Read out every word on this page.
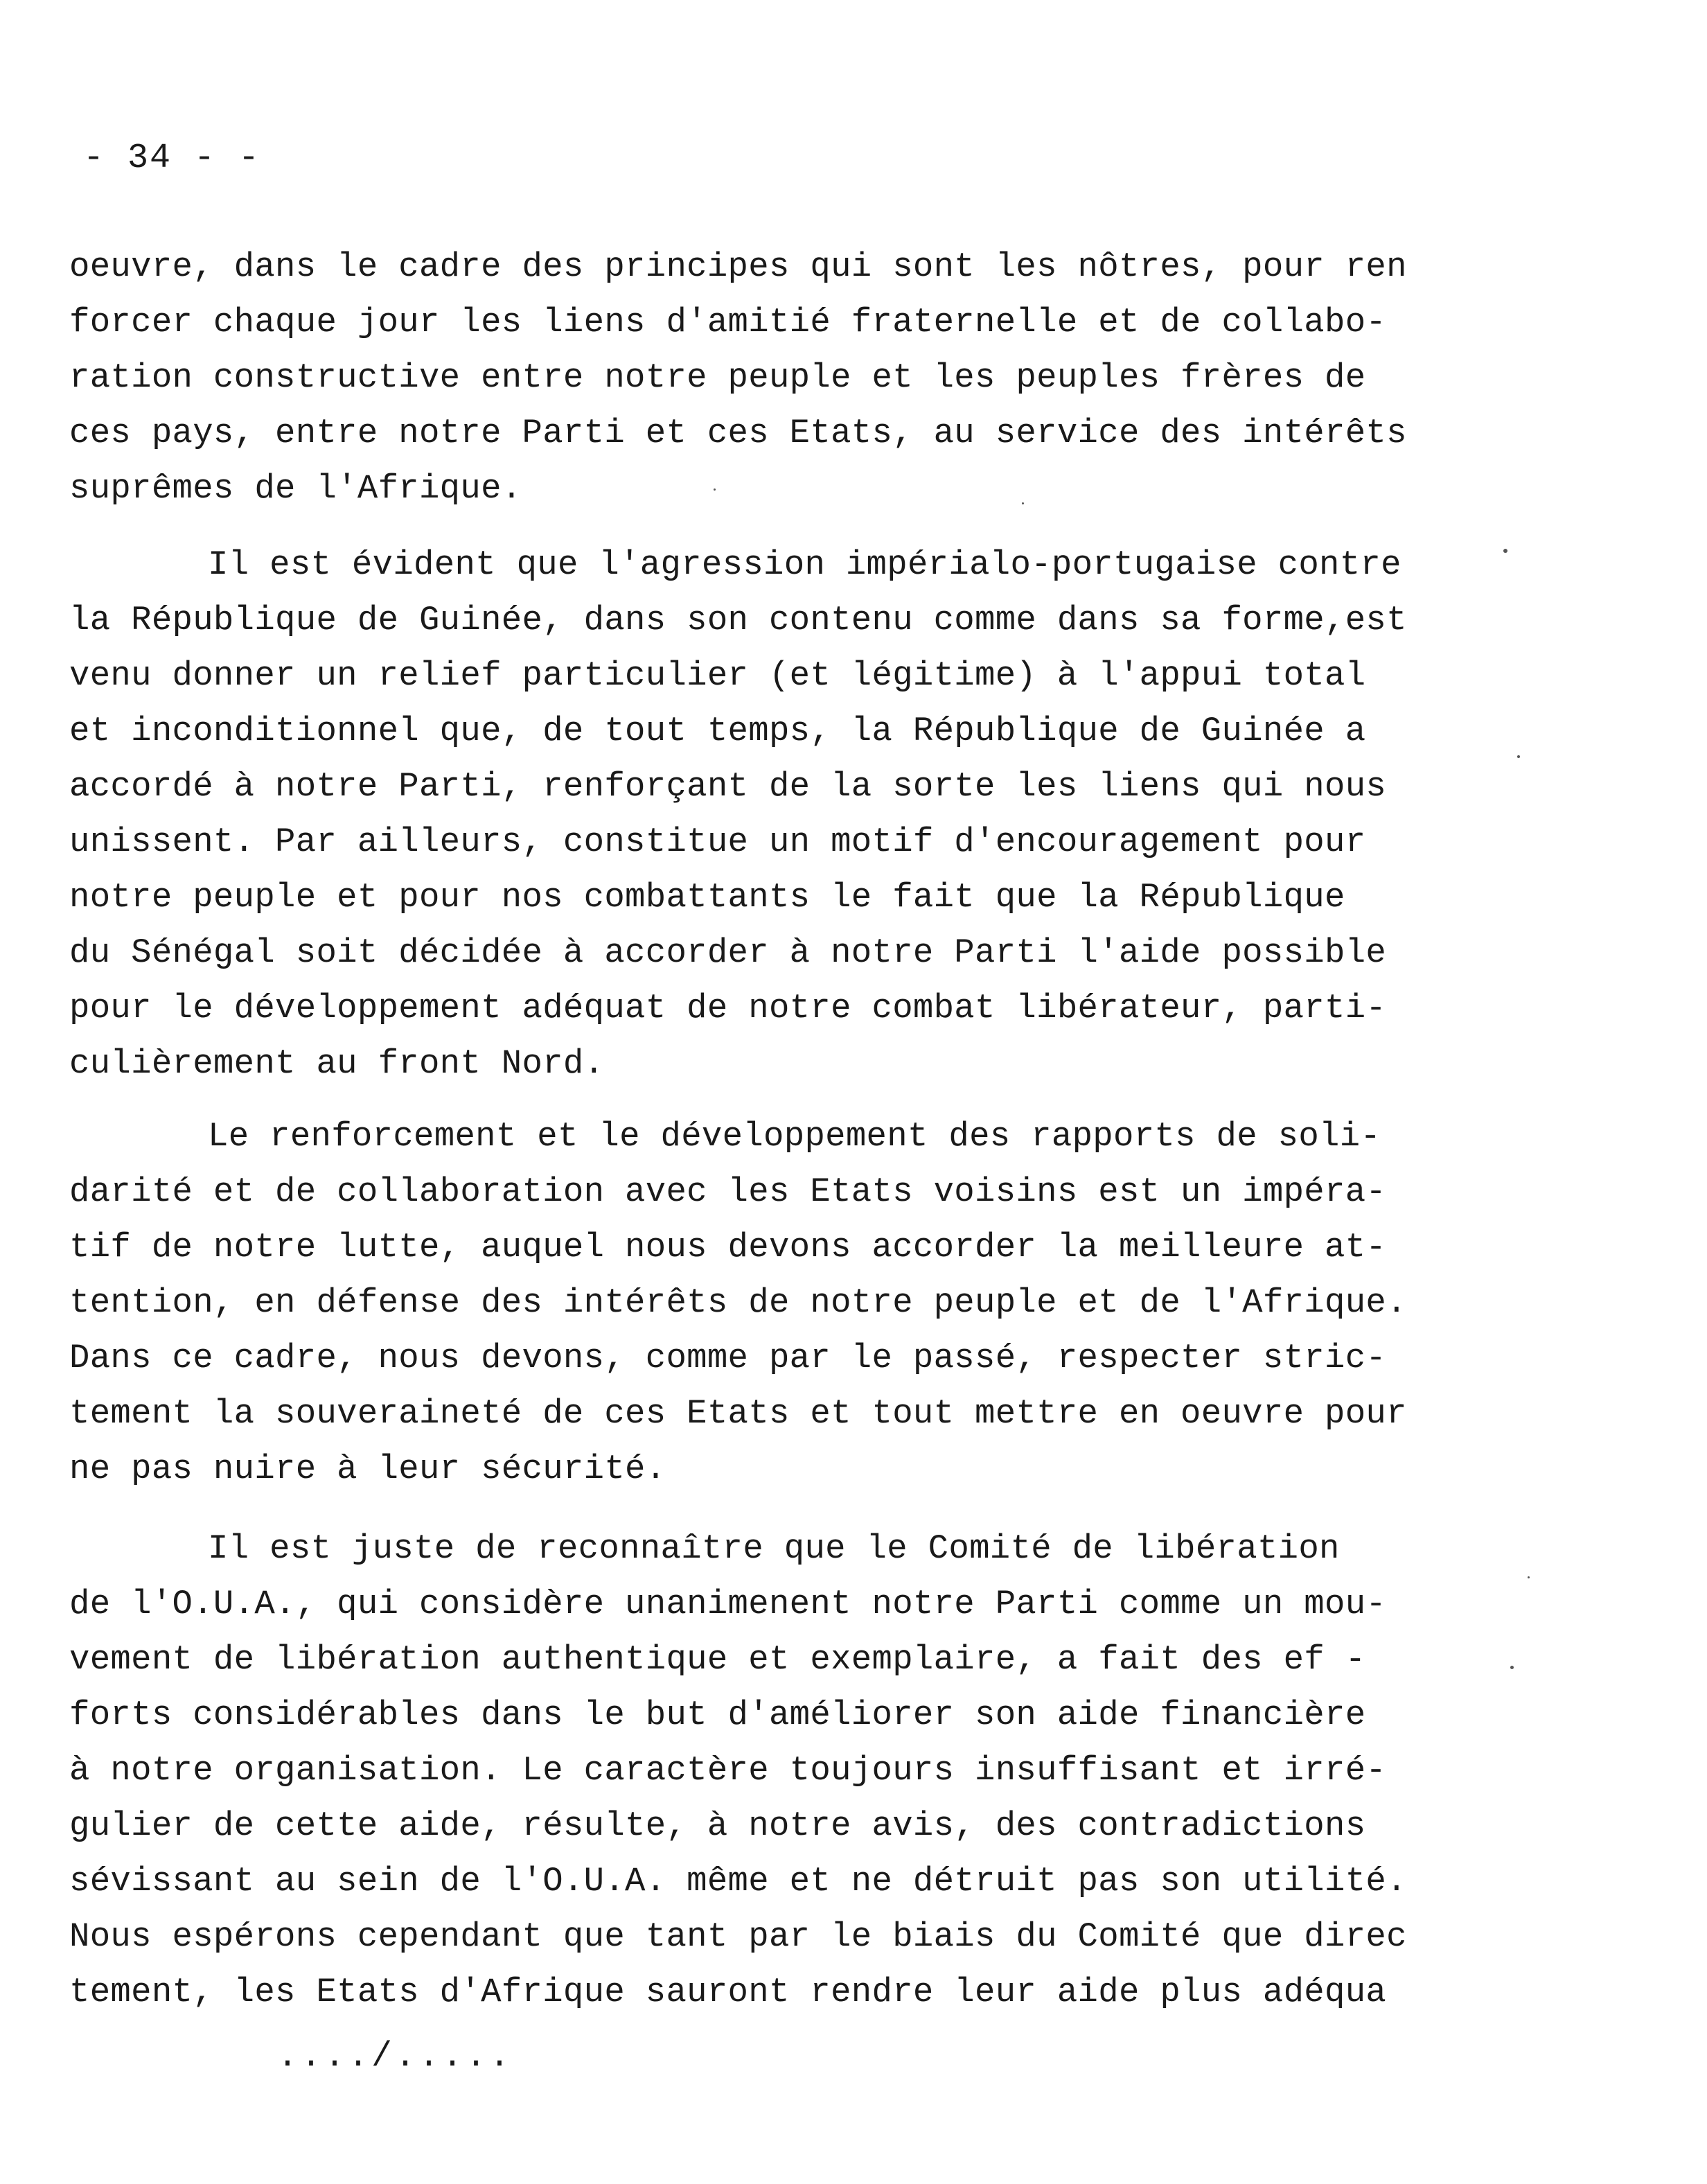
- 34 - -
oeuvre, dans le cadre des principes qui sont les nôtres, pour ren
forcer chaque jour les liens d'amitié fraternelle et de collabo-
ration constructive entre notre peuple et les peuples frères de
ces pays, entre notre Parti et ces Etats, au service des intérêts
suprêmes de l'Afrique.
Il est évident que l'agression impérialo-portugaise contre
la République de Guinée, dans son contenu comme dans sa forme,est
venu donner un relief particulier (et légitime) à l'appui total
et inconditionnel que, de tout temps, la République de Guinée a
accordé à notre Parti, renforçant de la sorte les liens qui nous
unissent. Par ailleurs, constitue un motif d'encouragement pour
notre peuple et pour nos combattants le fait que la République
du Sénégal soit décidée à accorder à notre Parti l'aide possible
pour le développement adéquat de notre combat libérateur, parti-
culièrement au front Nord.
Le renforcement et le développement des rapports de soli-
darité et de collaboration avec les Etats voisins est un impéra-
tif de notre lutte, auquel nous devons accorder la meilleure at-
tention, en défense des intérêts de notre peuple et de l'Afrique.
Dans ce cadre, nous devons, comme par le passé, respecter stric-
tement la souveraineté de ces Etats et tout mettre en oeuvre pour
ne pas nuire à leur sécurité.
Il est juste de reconnaître que le Comité de libération
de l'O.U.A., qui considère unanimenent notre Parti comme un mou-
vement de libération authentique et exemplaire, a fait des ef -
forts considérables dans le but d'améliorer son aide financière
à notre organisation. Le caractère toujours insuffisant et irré-
gulier de cette aide, résulte, à notre avis, des contradictions
sévissant au sein de l'O.U.A. même et ne détruit pas son utilité.
Nous espérons cependant que tant par le biais du Comité que direc
tement, les Etats d'Afrique sauront rendre leur aide plus adéqua
..../.....
